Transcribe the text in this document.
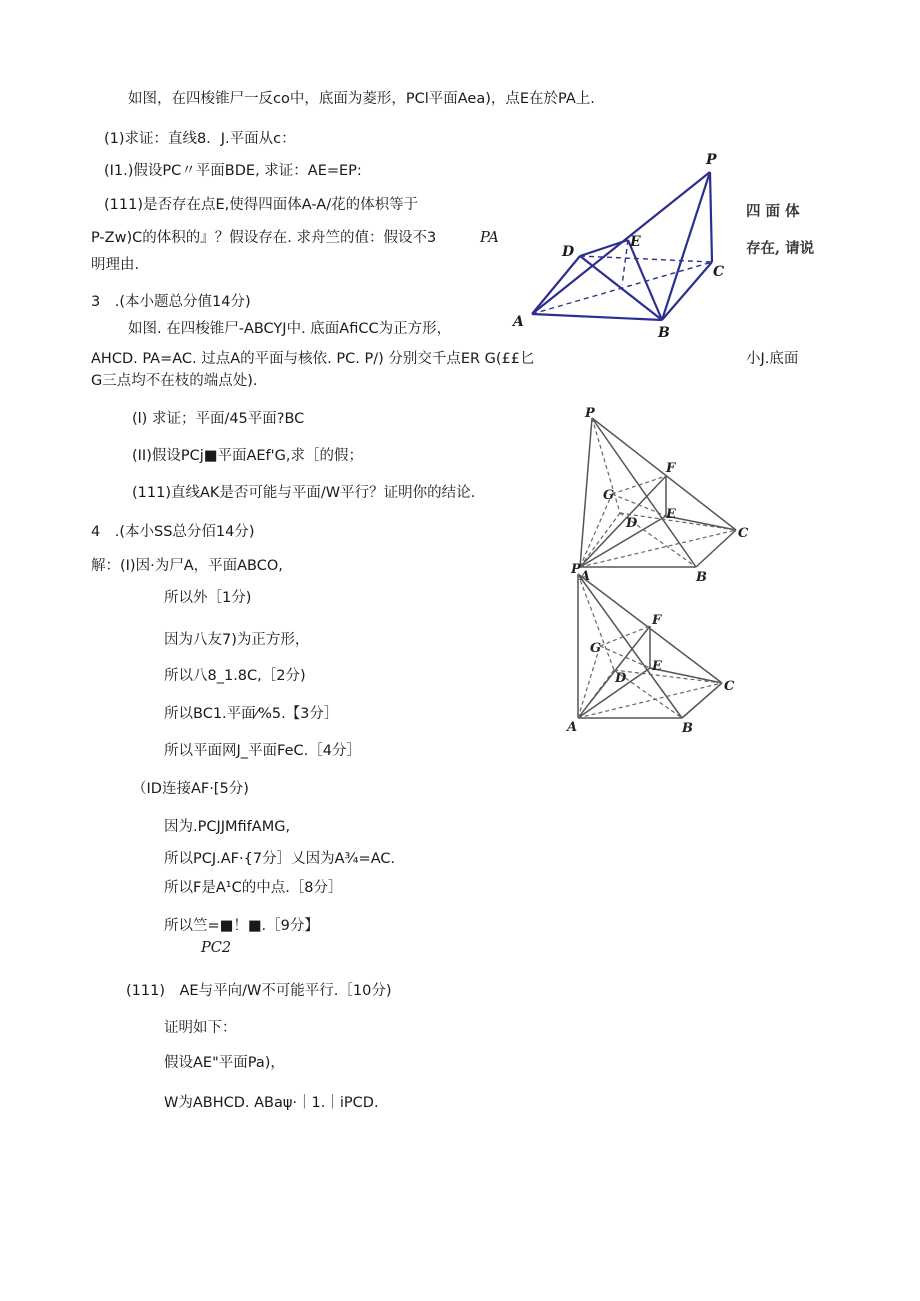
如图，在四梭锥尸一反co中，底面为菱形，PCl平面Aea)，点E在於PA上.
(1)求证：直线8．J.平面从c：
(I1.)假设PC〃平面BDE, 求证：AE=EP:
(111)是否存在点E,使得四面体A-A/花的体枳等于	四 面 体
P-Zw)C的体积的』？假设存在. 求舟竺的值：假设不3	PA
存在, 请说
明理由.
3　.(本小题总分值14分)
如图. 在四梭锥尸-ABCYJ中. 底面AfiCC为正方形，
AHCD. PA=AC. 过点A的平面与核依. PC. P/) 分别交千点ER G(££匕	小J.底面
G三点均不在枝的端点处).
(l) 求证；平面/45平面?BC
(II)假设PCj■平面AEf'G,求［的假；
(111)直线AK是否可能与平面/W平行？证明你的结论.
4　.(本小SS总分佰14分)
解：(I)因·为尸A，平面ABCO,
所以外［1分)
因为八友7)为正方形，
所以八8_1.8C,［2分)
所以BC1.平面⁄%5.【3分］
所以平面网J_平面FeC.［4分］
（ID连接AF·[5分)
因为.PCJJMfifAMG,
所以PCJ.AF·{7分］乂因为A¾=AC.
所以F是A¹C的中点.［8分］
所以竺=■！■.［9分】
PC2
(111)　AE与平向/W不可能平行.［10分)
证明如下：
假设AE"平面Pa)，
W为ABHCD. ABaψ·｜1.｜iPCD.
P
D
E
C
A
B
P
F
G
D
E
C
A	B
P
F
G
D
E
C
A	B
